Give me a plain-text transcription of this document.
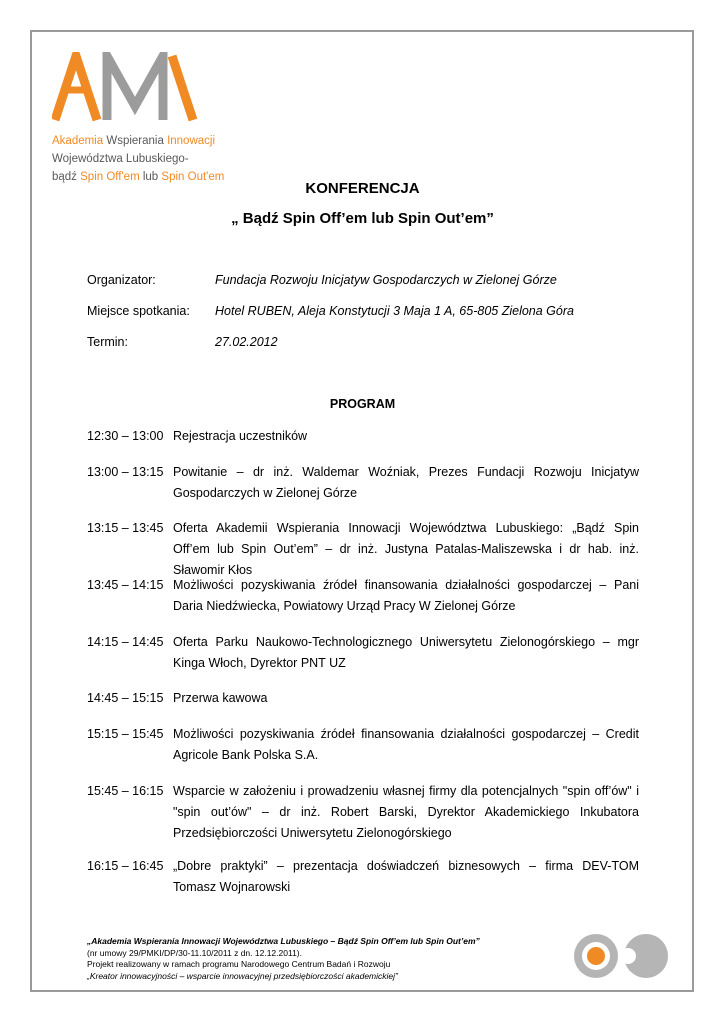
Akademia Wspierania Innowacji
Województwa Lubuskiego-
bądź Spin Off'em lub Spin Out'em
KONFERENCJA
„ Bądź Spin Off’em lub Spin Out’em”
Organizator:	Fundacja Rozwoju Inicjatyw Gospodarczych w Zielonej Górze
Miejsce spotkania: Hotel RUBEN, Aleja Konstytucji 3 Maja 1 A, 65-805 Zielona Góra
Termin:	27.02.2012
PROGRAM
12:30 – 13:00 Rejestracja uczestników
13:00 – 13:15 Powitanie – dr inż. Waldemar Woźniak, Prezes Fundacji Rozwoju Inicjatyw Gospodarczych w Zielonej Górze
13:15 – 13:45 Oferta Akademii Wspierania Innowacji Województwa Lubuskiego: „Bądź Spin Off’em lub Spin Out’em” – dr inż. Justyna Patalas-Maliszewska i dr hab. inż. Sławomir Kłos
13:45 – 14:15 Możliwości pozyskiwania źródeł finansowania działalności gospodarczej – Pani Daria Niedźwiecka, Powiatowy Urząd Pracy W Zielonej Górze
14:15 – 14:45 Oferta Parku Naukowo-Technologicznego Uniwersytetu Zielonogórskiego – mgr Kinga Włoch, Dyrektor PNT UZ
14:45 – 15:15 Przerwa kawowa
15:15 – 15:45 Możliwości pozyskiwania źródeł finansowania działalności gospodarczej – Credit Agricole Bank Polska S.A.
15:45 – 16:15 Wsparcie w założeniu i prowadzeniu własnej firmy dla potencjalnych "spin off’ów" i "spin out’ów" – dr inż. Robert Barski, Dyrektor Akademickiego Inkubatora Przedsiębiorczości Uniwersytetu Zielonogórskiego
16:15 – 16:45 „Dobre praktyki” – prezentacja doświadczeń biznesowych – firma DEV-TOM Tomasz Wojnarowski
„Akademia Wspierania Innowacji Województwa Lubuskiego – Bądź Spin Off’em lub Spin Out’em”
(nr umowy 29/PMKI/DP/30-11.10/2011 z dn. 12.12.2011).
Projekt realizowany w ramach programu Narodowego Centrum Badań i Rozwoju
„Kreator innowacyjności – wsparcie innowacyjnej przedsiębiorczości akademickiej”
